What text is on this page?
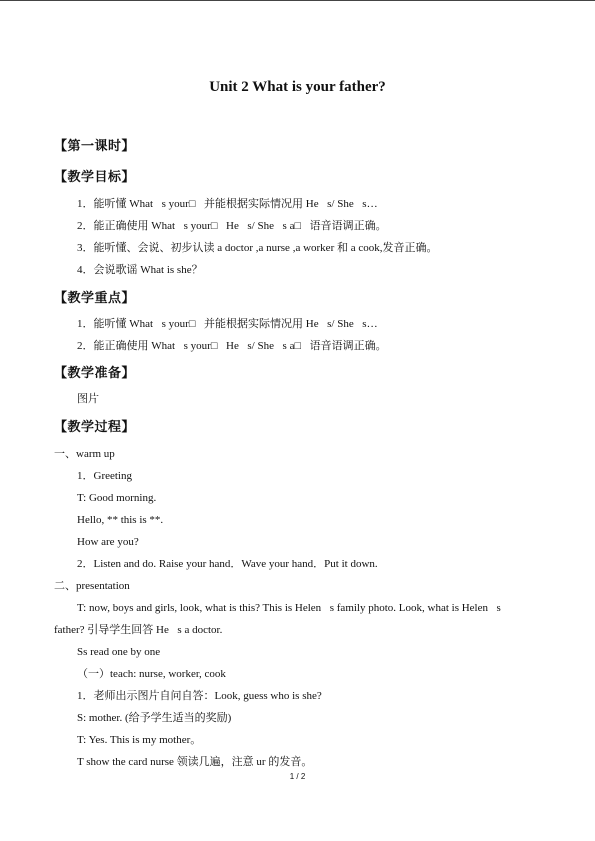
Unit 2 What is your father?
【第一课时】
【教学目标】
1．能听懂 What s your□？并能根据实际情况用 He s/ She s…
2．能正确使用 What s your□？He s/ She s a□，语音语调正确。
3．能听懂、会说、初步认读 a doctor ,a nurse ,a worker 和 a cook,发音正确。
4．会说歌谣 What is she？
【教学重点】
1．能听懂 What s your□？并能根据实际情况用 He s/ She s…
2．能正确使用 What s your□？He s/ She s a□，语音语调正确。
【教学准备】
图片
【教学过程】
一、warm up
1．Greeting
T: Good morning.
Hello, ** this is **.
How are you?
2．Listen and do. Raise your hand．Wave your hand．Put it down.
二、presentation
T: now, boys and girls, look, what is this? This is Helen s family photo. Look, what is Helen s
father? 引导学生回答 He s a doctor.
Ss read one by one
（一）teach: nurse, worker, cook
1．老师出示图片自问自答：Look, guess who is she?
S: mother. (给予学生适当的奖励)
T: Yes. This is my mother。
T show the card nurse 领读几遍，注意 ur 的发音。
1 / 2
